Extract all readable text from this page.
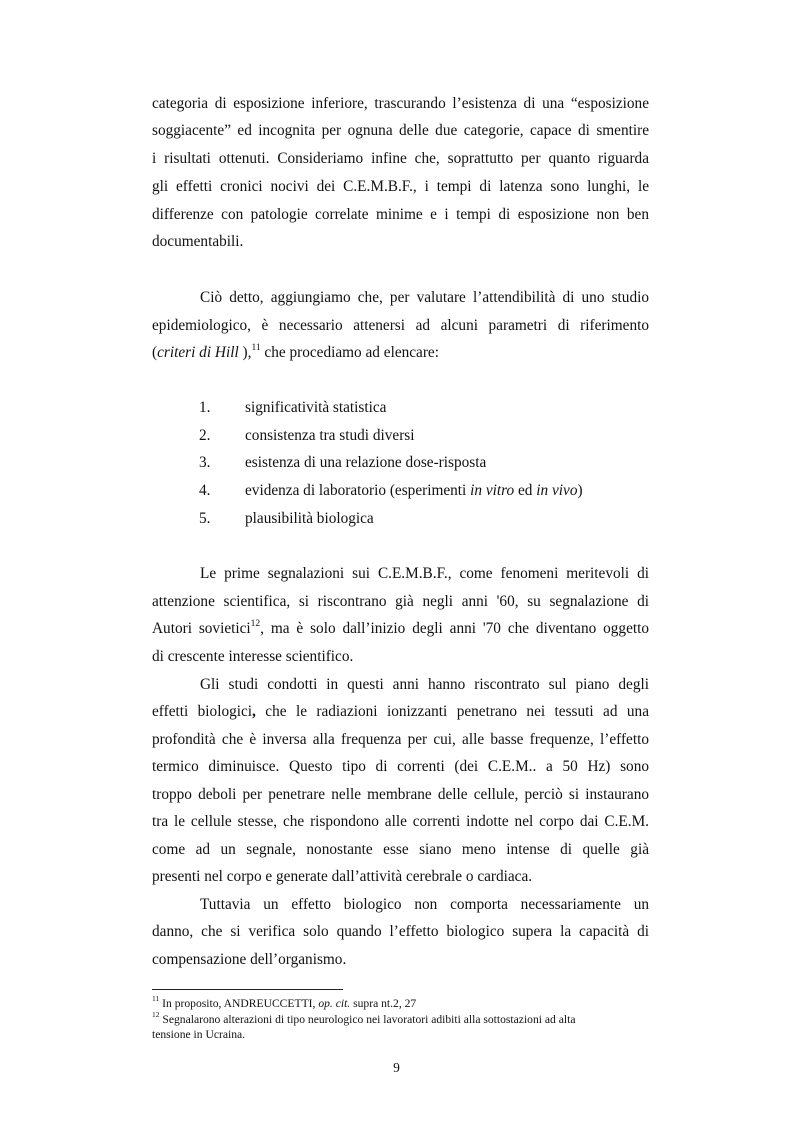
categoria di esposizione inferiore, trascurando l’esistenza di una “esposizione
soggiacente” ed incognita per ognuna delle due categorie, capace di smentire
i risultati ottenuti. Consideriamo infine che, soprattutto per quanto riguarda
gli effetti cronici nocivi dei C.E.M.B.F., i tempi di latenza sono lunghi, le
differenze con patologie correlate minime e i tempi di esposizione non ben
documentabili.
Ciò detto, aggiungiamo che, per valutare l’attendibilità di uno studio
epidemiologico, è necessario attenersi ad alcuni parametri di riferimento
(criteri di Hill ),$^{11}$ che procediamo ad elencare:
1. significatività statistica
2. consistenza tra studi diversi
3. esistenza di una relazione dose-risposta
4. evidenza di laboratorio (esperimenti in vitro ed in vivo)
5. plausibilità biologica
Le prime segnalazioni sui C.E.M.B.F., come fenomeni meritevoli di
attenzione scientifica, si riscontrano già negli anni '60, su segnalazione di
Autori sovietici$^{12}$, ma è solo dall’inizio degli anni '70 che diventano oggetto
di crescente interesse scientifico.
Gli studi condotti in questi anni hanno riscontrato sul piano degli
effetti biologici, che le radiazioni ionizzanti penetrano nei tessuti ad una
profondità che è inversa alla frequenza per cui, alle basse frequenze, l’effetto
termico diminuisce. Questo tipo di correnti (dei C.E.M.. a 50 Hz) sono
troppo deboli per penetrare nelle membrane delle cellule, perciò si instaurano
tra le cellule stesse, che rispondono alle correnti indotte nel corpo dai C.E.M.
come ad un segnale, nonostante esse siano meno intense di quelle già
presenti nel corpo e generate dall’attività cerebrale o cardiaca.
Tuttavia un effetto biologico non comporta necessariamente un
danno, che si verifica solo quando l’effetto biologico supera la capacità di
compensazione dell’organismo.
$^{11}$ In proposito, ANDREUCCETTI, op. cit. supra nt.2, 27
$^{12}$ Segnalarono alterazioni di tipo neurologico nei lavoratori adibiti alla sottostazioni ad alta
tensione in Ucraina.
9
